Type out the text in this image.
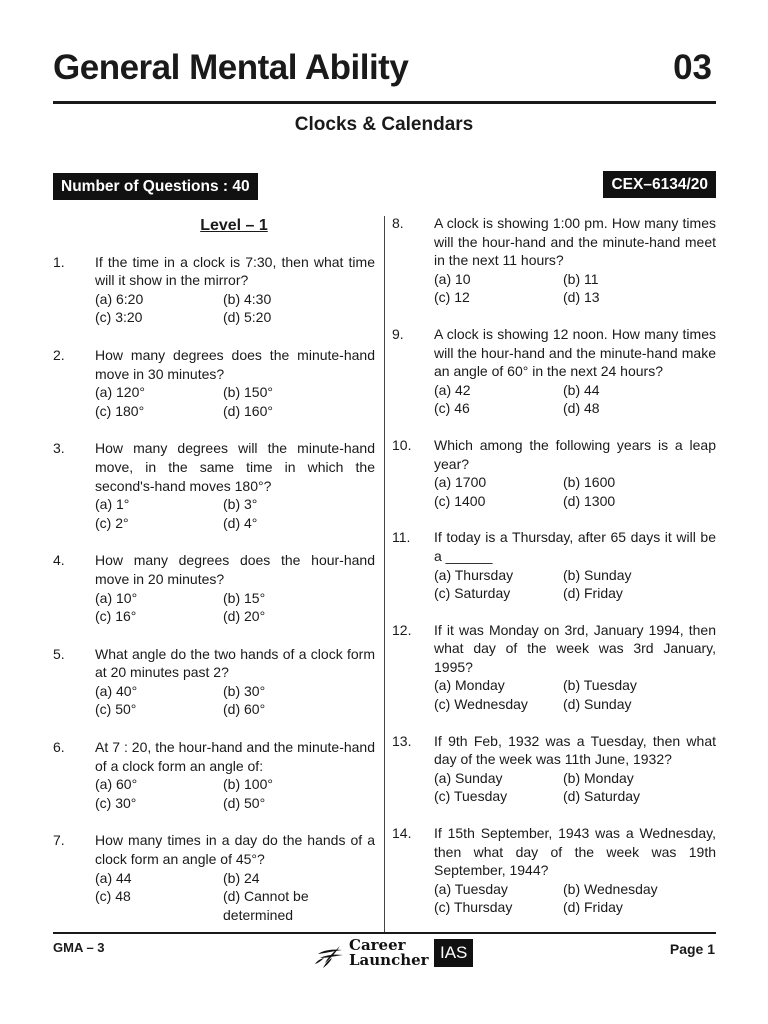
General Mental Ability	03
Clocks & Calendars
Number of Questions : 40	CEX–6134/20
Level – 1
1. If the time in a clock is 7:30, then what time will it show in the mirror?
(a) 6:20	(b) 4:30
(c) 3:20	(d) 5:20
2. How many degrees does the minute-hand move in 30 minutes?
(a) 120°	(b) 150°
(c) 180°	(d) 160°
3. How many degrees will the minute-hand move, in the same time in which the second's-hand moves 180°?
(a) 1°	(b) 3°
(c) 2°	(d) 4°
4. How many degrees does the hour-hand move in 20 minutes?
(a) 10°	(b) 15°
(c) 16°	(d) 20°
5. What angle do the two hands of a clock form at 20 minutes past 2?
(a) 40°	(b) 30°
(c) 50°	(d) 60°
6. At 7 : 20, the hour-hand and the minute-hand of a clock form an angle of:
(a) 60°	(b) 100°
(c) 30°	(d) 50°
7. How many times in a day do the hands of a clock form an angle of 45°?
(a) 44	(b) 24
(c) 48	(d) Cannot be determined
8. A clock is showing 1:00 pm. How many times will the hour-hand and the minute-hand meet in the next 11 hours?
(a) 10	(b) 11
(c) 12	(d) 13
9. A clock is showing 12 noon. How many times will the hour-hand and the minute-hand make an angle of 60° in the next 24 hours?
(a) 42	(b) 44
(c) 46	(d) 48
10. Which among the following years is a leap year?
(a) 1700	(b) 1600
(c) 1400	(d) 1300
11. If today is a Thursday, after 65 days it will be a ______
(a) Thursday	(b) Sunday
(c) Saturday	(d) Friday
12. If it was Monday on 3rd, January 1994, then what day of the week was 3rd January, 1995?
(a) Monday	(b) Tuesday
(c) Wednesday	(d) Sunday
13. If 9th Feb, 1932 was a Tuesday, then what day of the week was 11th June, 1932?
(a) Sunday	(b) Monday
(c) Tuesday	(d) Saturday
14. If 15th September, 1943 was a Wednesday, then what day of the week was 19th September, 1944?
(a) Tuesday	(b) Wednesday
(c) Thursday	(d) Friday
GMA – 3	Page 1
Career
Launcher IAS
